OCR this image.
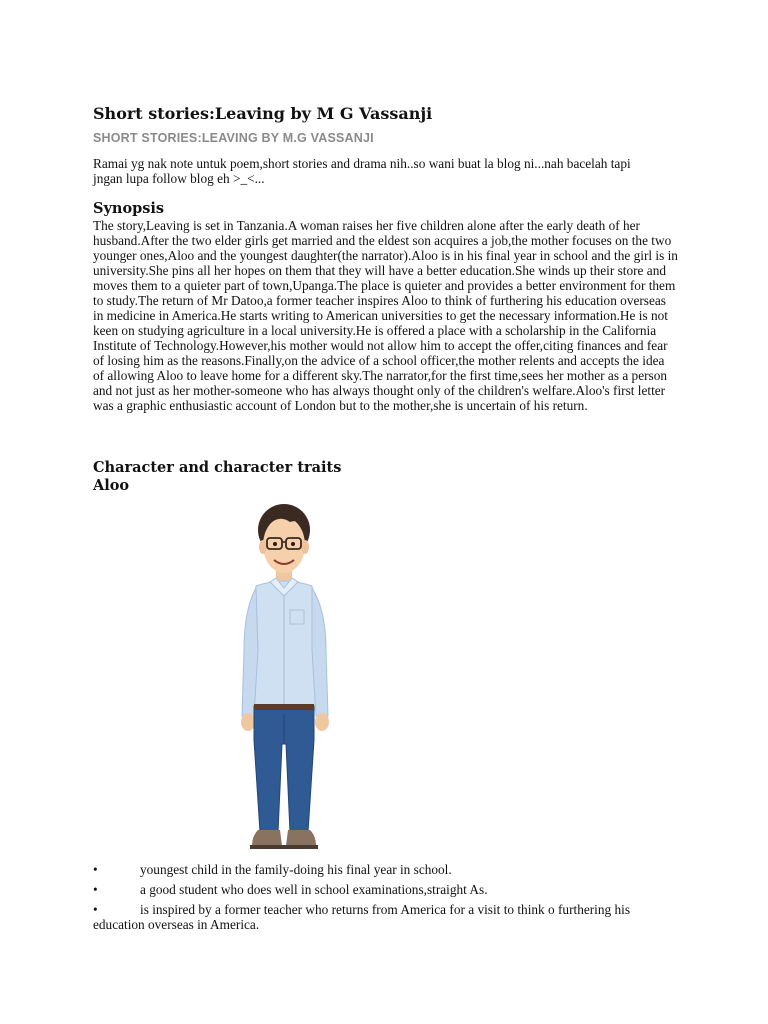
Short stories:Leaving by M G Vassanji
SHORT STORIES:LEAVING BY M.G VASSANJI

Ramai yg nak note untuk poem,short stories and drama nih..so wani buat la blog ni...nah bacelah tapi jngan lupa follow blog eh >_<...

Synopsis

The story,Leaving is set in Tanzania.A woman raises her five children alone after the early death of her husband.After the two elder girls get married and the eldest son acquires a job,the mother focuses on the two younger ones,Aloo and the youngest daughter(the narrator).Aloo is in his final year in school and the girl is in university.She pins all her hopes on them that they will have a better education.She winds up their store and moves them to a quieter part of town,Upanga.The place is quieter and provides a better environment for them to study.The return of Mr Datoo,a former teacher inspires Aloo to think of furthering his education overseas in medicine in America.He starts writing to American universities to get the necessary information.He is not keen on studying agriculture in a local university.He is offered a place with a scholarship in the California Institute of Technology.However,his mother would not allow him to accept the offer,citing finances and fear of losing him as the reasons.Finally,on the advice of a school officer,the mother relents and accepts the idea of allowing Aloo to leave home for a different sky.The narrator,for the first time,sees her mother as a person and not just as her mother-someone who has always thought only of the children's welfare.Aloo's first letter was a graphic enthusiastic account of London but to the mother,she is uncertain of his return.

Character and character traits
Aloo
•	youngest child in the family-doing his final year in school.
•	a good student who does well in school examinations,straight As.
•	is inspired by a former teacher who returns from America for a visit to think o furthering his education overseas in America.
